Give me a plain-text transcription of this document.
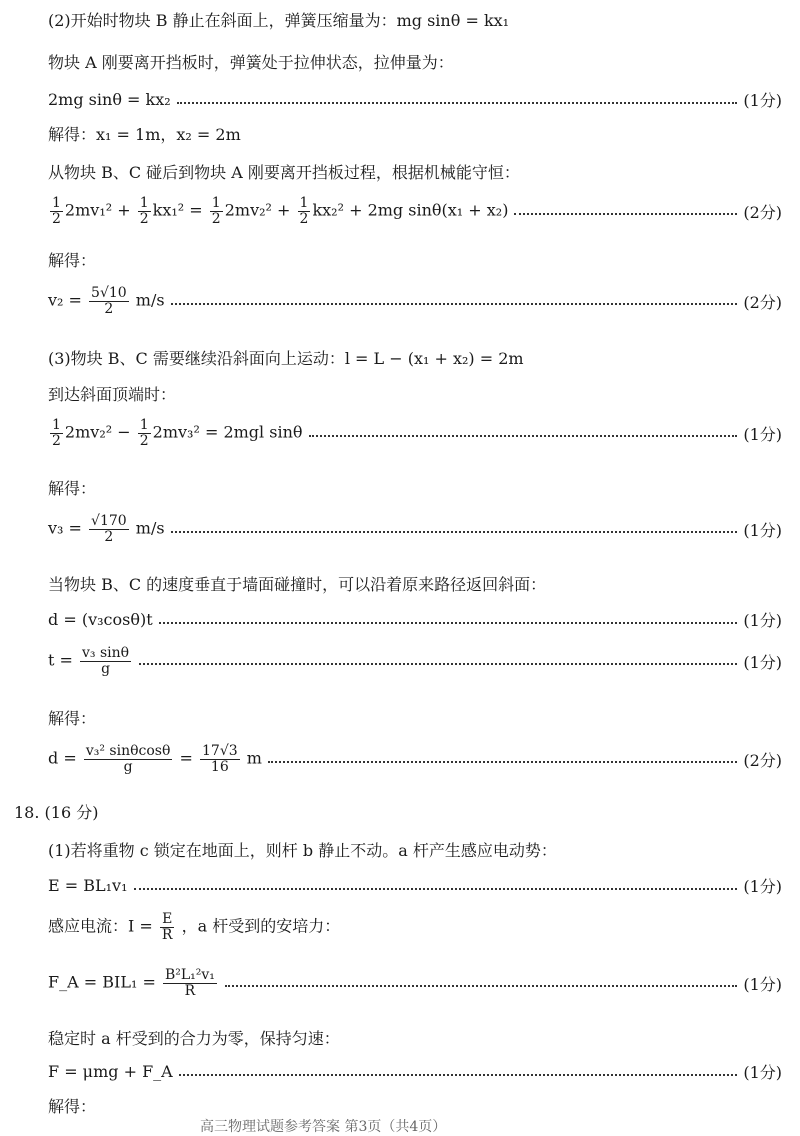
(2)开始时物块 B 静止在斜面上，弹簧压缩量为：mg sinθ = kx₁
物块 A 刚要离开挡板时，弹簧处于拉伸状态，拉伸量为：
2mg sinθ = kx₂	(1分)
解得：x₁ = 1m，x₂ = 2m
从物块 B、C 碰后到物块 A 刚要离开挡板过程，根据机械能守恒：
$\frac{1}{2} 2mv_1^2 + \frac{1}{2} kx_1^2 = \frac{1}{2} 2mv_2^2 + \frac{1}{2} kx_2^2 + 2mg$ sinθ(x₁ + x₂)	(2分)
解得：
$v_2 = \frac{5√10}{2} m/s$	(2分)
(3)物块 B、C 需要继续沿斜面向上运动：l = L − (x₁ + x₂) = 2m
到达斜面顶端时：
$\frac{1}{2} 2mv_2^2 - \frac{1}{2} 2mv_3^2 = 2mgl$ sinθ	(1分)
解得：
$v_3 = \frac{√170}{2} m/s$	(1分)
当物块 B、C 的速度垂直于墙面碰撞时，可以沿着原来路径返回斜面：
d = (v₃cosθ)t	(1分)
$t = \frac{\text{v₃ sinθ}}{g}$	(1分)
解得：
$d = \frac{\text{v₃² sinθcosθ}}{g} = \frac{17√3}{16}$ m	(2分)
18. (16 分)
(1)若将重物 c 锁定在地面上，则杆 b 静止不动。a 杆产生感应电动势：
E = BL₁v₁	(1分)
感应电流：$I = \frac{E}{R}$ ，a 杆受到的安培力：
F_A = $BIL_1 = \frac{\text{B²L₁²v₁}}{R}$	(1分)
稳定时 a 杆受到的合力为零，保持匀速：
F = μmg + F_A	(1分)
解得：
高三物理试题参考答案 第3页（共4页）
